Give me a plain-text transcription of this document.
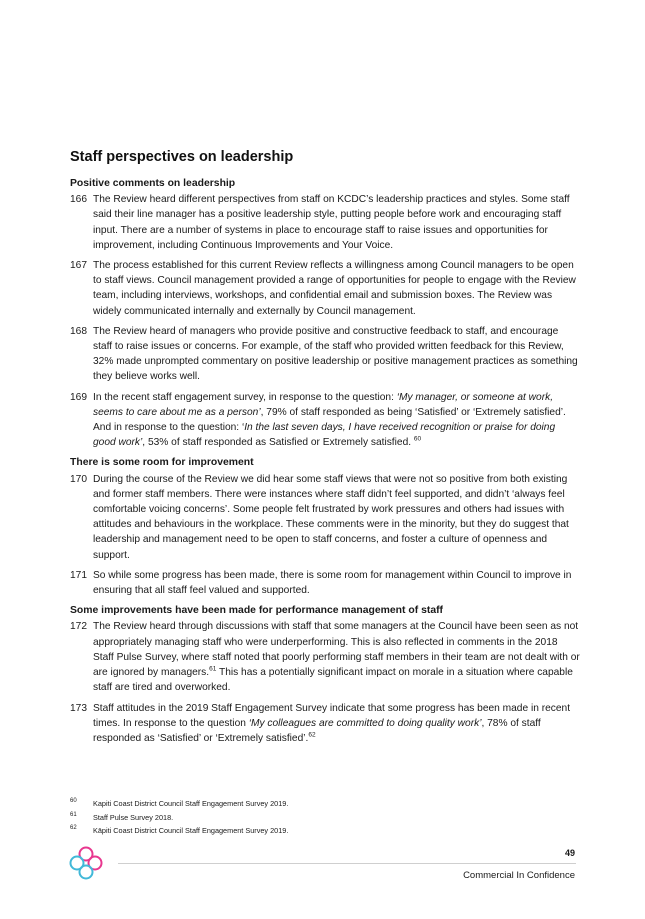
Staff perspectives on leadership
Positive comments on leadership
166 The Review heard different perspectives from staff on KCDC’s leadership practices and styles. Some staff said their line manager has a positive leadership style, putting people before work and encouraging staff input. There are a number of systems in place to encourage staff to raise issues and opportunities for improvement, including Continuous Improvements and Your Voice.
167 The process established for this current Review reflects a willingness among Council managers to be open to staff views. Council management provided a range of opportunities for people to engage with the Review team, including interviews, workshops, and confidential email and submission boxes. The Review was widely communicated internally and externally by Council management.
168 The Review heard of managers who provide positive and constructive feedback to staff, and encourage staff to raise issues or concerns. For example, of the staff who provided written feedback for this Review, 32% made unprompted commentary on positive leadership or positive management practices as something they believe works well.
169 In the recent staff engagement survey, in response to the question: ‘My manager, or someone at work, seems to care about me as a person’, 79% of staff responded as being ‘Satisfied’ or ‘Extremely satisfied’. And in response to the question: ‘In the last seven days, I have received recognition or praise for doing good work’, 53% of staff responded as Satisfied or Extremely satisfied. $^{60}$
There is some room for improvement
170 During the course of the Review we did hear some staff views that were not so positive from both existing and former staff members. There were instances where staff didn’t feel supported, and didn’t ‘always feel comfortable voicing concerns’. Some people felt frustrated by work pressures and others had issues with attitudes and behaviours in the workplace. These comments were in the minority, but they do suggest that leadership and management need to be open to staff concerns, and foster a culture of openness and support.
171 So while some progress has been made, there is some room for management within Council to improve in ensuring that all staff feel valued and supported.
Some improvements have been made for performance management of staff
172 The Review heard through discussions with staff that some managers at the Council have been seen as not appropriately managing staff who were underperforming. This is also reflected in comments in the 2018 Staff Pulse Survey, where staff noted that poorly performing staff members in their team are not dealt with or are ignored by managers.$^{61}$ This has a potentially significant impact on morale in a situation where capable staff are tired and overworked.
173 Staff attitudes in the 2019 Staff Engagement Survey indicate that some progress has been made in recent times. In response to the question ‘My colleagues are committed to doing quality work’, 78% of staff responded as ‘Satisfied’ or ‘Extremely satisfied’.$^{62}$
60	Kapiti Coast District Council Staff Engagement Survey 2019.
61	Staff Pulse Survey 2018.
62	Kāpiti Coast District Council Staff Engagement Survey 2019.
49
Commercial In Confidence
